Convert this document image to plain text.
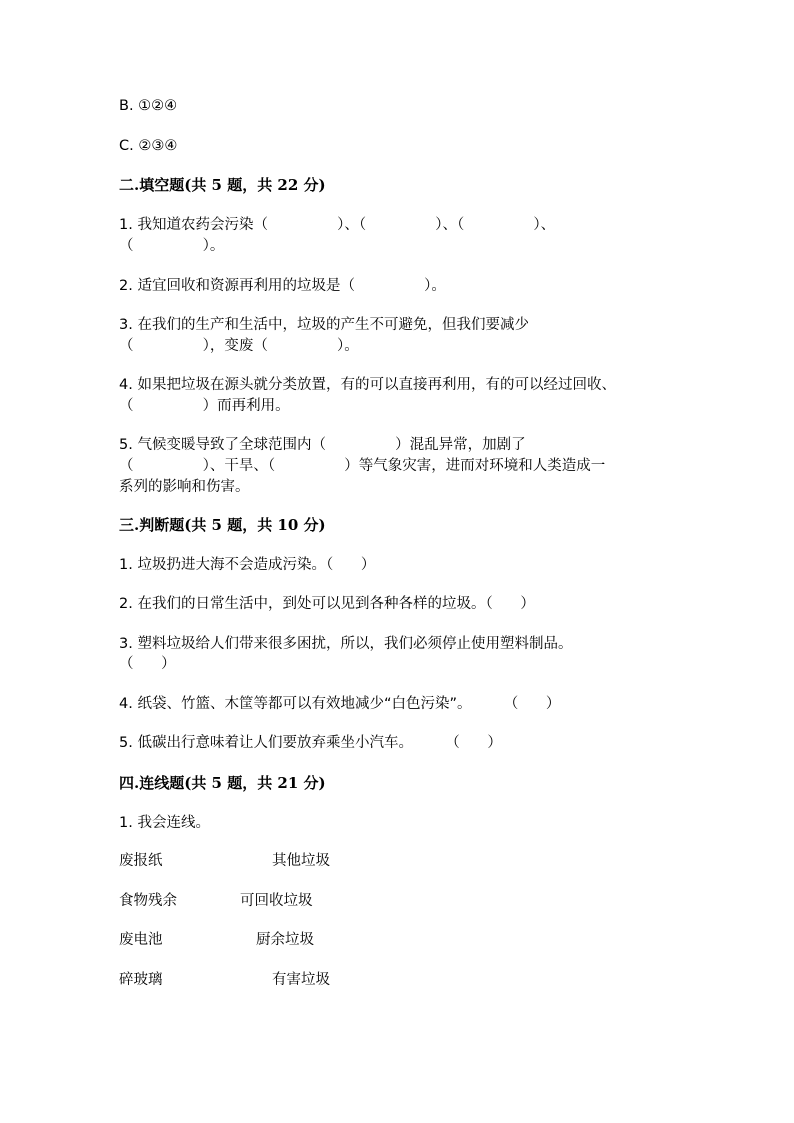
B. ①②④
C. ②③④
二.填空题(共 5 题，共 22 分)
1. 我知道农药会污染（               ）、（               ）、（               ）、
（               ）。
2. 适宜回收和资源再利用的垃圾是（               ）。
3. 在我们的生产和生活中，垃圾的产生不可避免，但我们要减少
（               ），变废（               ）。
4. 如果把垃圾在源头就分类放置，有的可以直接再利用，有的可以经过回收、
（               ）而再利用。
5. 气候变暖导致了全球范围内（               ）混乱异常，加剧了
（               ）、干旱、（               ）等气象灾害，进而对环境和人类造成一
系列的影响和伤害。
三.判断题(共 5 题，共 10 分)
1. 垃圾扔进大海不会造成污染。（      ）
2. 在我们的日常生活中，到处可以见到各种各样的垃圾。（      ）
3. 塑料垃圾给人们带来很多困扰，所以，我们必须停止使用塑料制品。
（      ）
4. 纸袋、竹篮、木筐等都可以有效地减少“白色污染”。       （      ）
5. 低碳出行意味着让人们要放弃乘坐小汽车。       （      ）
四.连线题(共 5 题，共 21 分)
1. 我会连线。
废报纸	其他垃圾
食物残余	可回收垃圾
废电池	厨余垃圾
碎玻璃	有害垃圾
